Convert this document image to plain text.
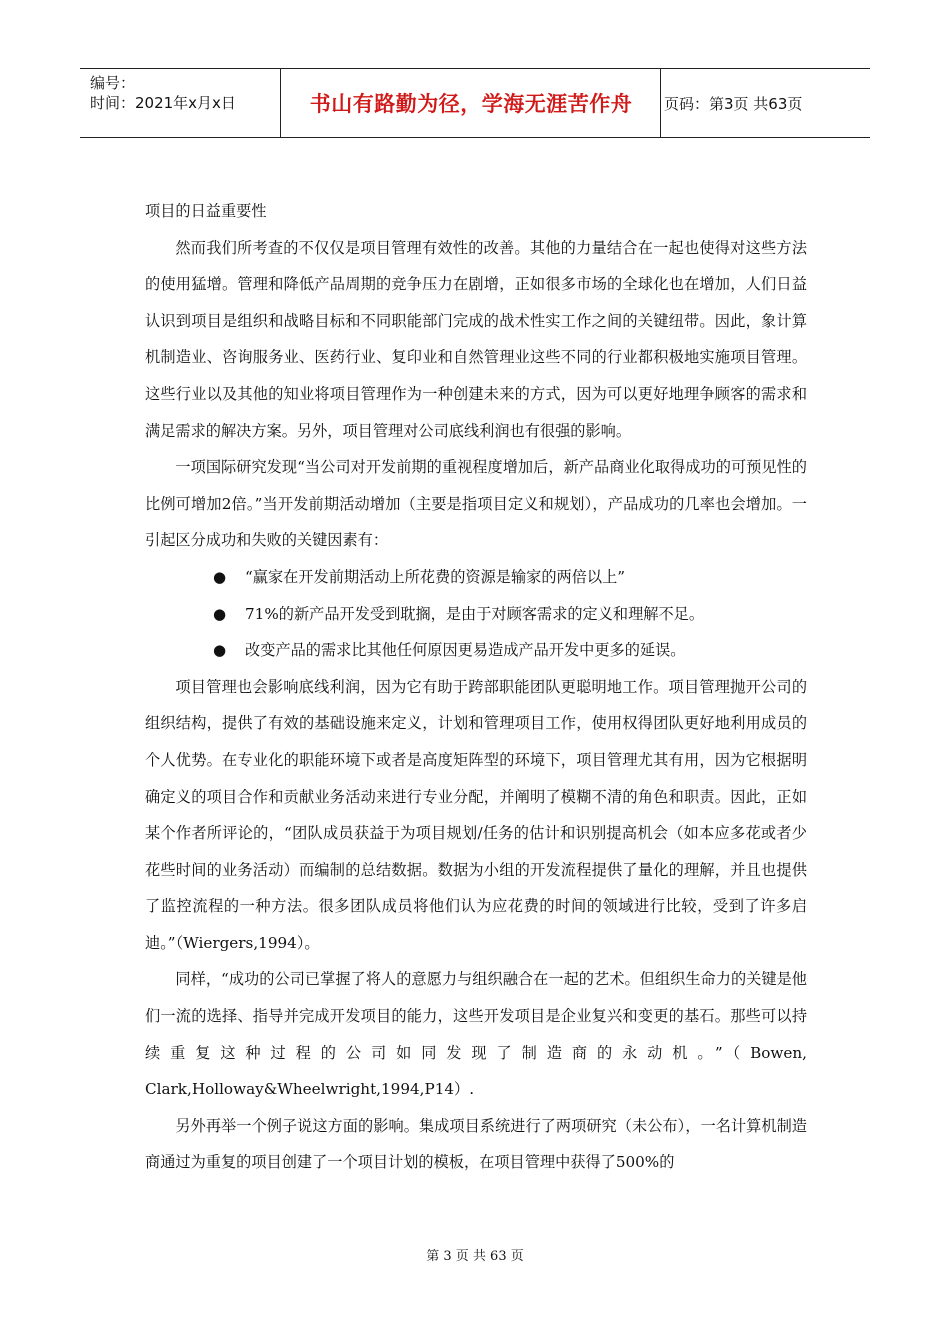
编号：
时间：2021年x月x日	书山有路勤为径，学海无涯苦作舟	页码：第3页 共63页

项目的日益重要性

然而我们所考查的不仅仅是项目管理有效性的改善。其他的力量结合在一起也使得对这些方法的使用猛增。管理和降低产品周期的竞争压力在剧增，正如很多市场的全球化也在增加，人们日益认识到项目是组织和战略目标和不同职能部门完成的战术性实工作之间的关键纽带。因此，象计算机制造业、咨询服务业、医药行业、复印业和自然管理业这些不同的行业都积极地实施项目管理。这些行业以及其他的知业将项目管理作为一种创建未来的方式，因为可以更好地理争顾客的需求和满足需求的解决方案。另外，项目管理对公司底线利润也有很强的影响。

一项国际研究发现“当公司对开发前期的重视程度增加后，新产品商业化取得成功的可预见性的比例可增加2倍。”当开发前期活动增加（主要是指项目定义和规划），产品成功的几率也会增加。一引起区分成功和失败的关键因素有：

● “赢家在开发前期活动上所花费的资源是输家的两倍以上”
● 71%的新产品开发受到耽搁，是由于对顾客需求的定义和理解不足。
● 改变产品的需求比其他任何原因更易造成产品开发中更多的延误。

项目管理也会影响底线利润，因为它有助于跨部职能团队更聪明地工作。项目管理抛开公司的组织结构，提供了有效的基础设施来定义，计划和管理项目工作，使用权得团队更好地利用成员的个人优势。在专业化的职能环境下或者是高度矩阵型的环境下，项目管理尤其有用，因为它根据明确定义的项目合作和贡献业务活动来进行专业分配，并阐明了模糊不清的角色和职责。因此，正如某个作者所评论的，“团队成员获益于为项目规划/任务的估计和识别提高机会（如本应多花或者少花些时间的业务活动）而编制的总结数据。数据为小组的开发流程提供了量化的理解，并且也提供了监控流程的一种方法。很多团队成员将他们认为应花费的时间的领域进行比较，受到了许多启迪。”（Wiergers,1994）。

同样，“成功的公司已掌握了将人的意愿力与组织融合在一起的艺术。但组织生命力的关键是他们一流的选择、指导并完成开发项目的能力，这些开发项目是企业复兴和变更的基石。那些可以持续重复这种过程的公司如同发现了制造商的永动机。”（Bowen, Clark,Holloway&Wheelwright,1994,P14）.

另外再举一个例子说这方面的影响。集成项目系统进行了两项研究（未公布），一名计算机制造商通过为重复的项目创建了一个项目计划的模板，在项目管理中获得了500%的

第 3 页 共 63 页
